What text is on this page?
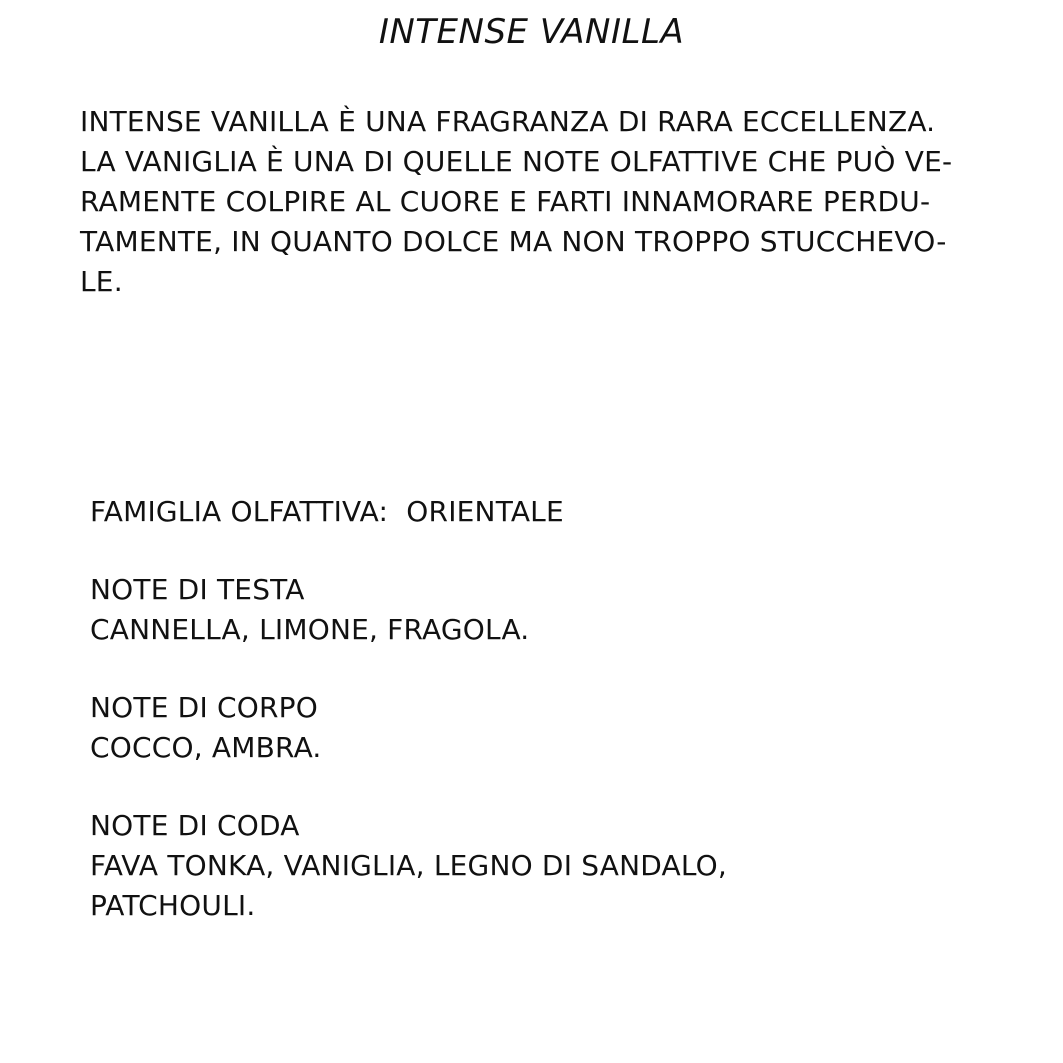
INTENSE VANILLA
INTENSE VANILLA È UNA FRAGRANZA DI RARA ECCELLENZA.
LA VANIGLIA È UNA DI QUELLE NOTE OLFATTIVE CHE PUÒ VE-
RAMENTE COLPIRE AL CUORE E FARTI INNAMORARE PERDU-
TAMENTE, IN QUANTO DOLCE MA NON TROPPO STUCCHEVO-
LE.
FAMIGLIA OLFATTIVA:  ORIENTALE
NOTE DI TESTA
CANNELLA, LIMONE, FRAGOLA.
NOTE DI CORPO
COCCO, AMBRA.
NOTE DI CODA
FAVA TONKA, VANIGLIA, LEGNO DI SANDALO,
PATCHOULI.
